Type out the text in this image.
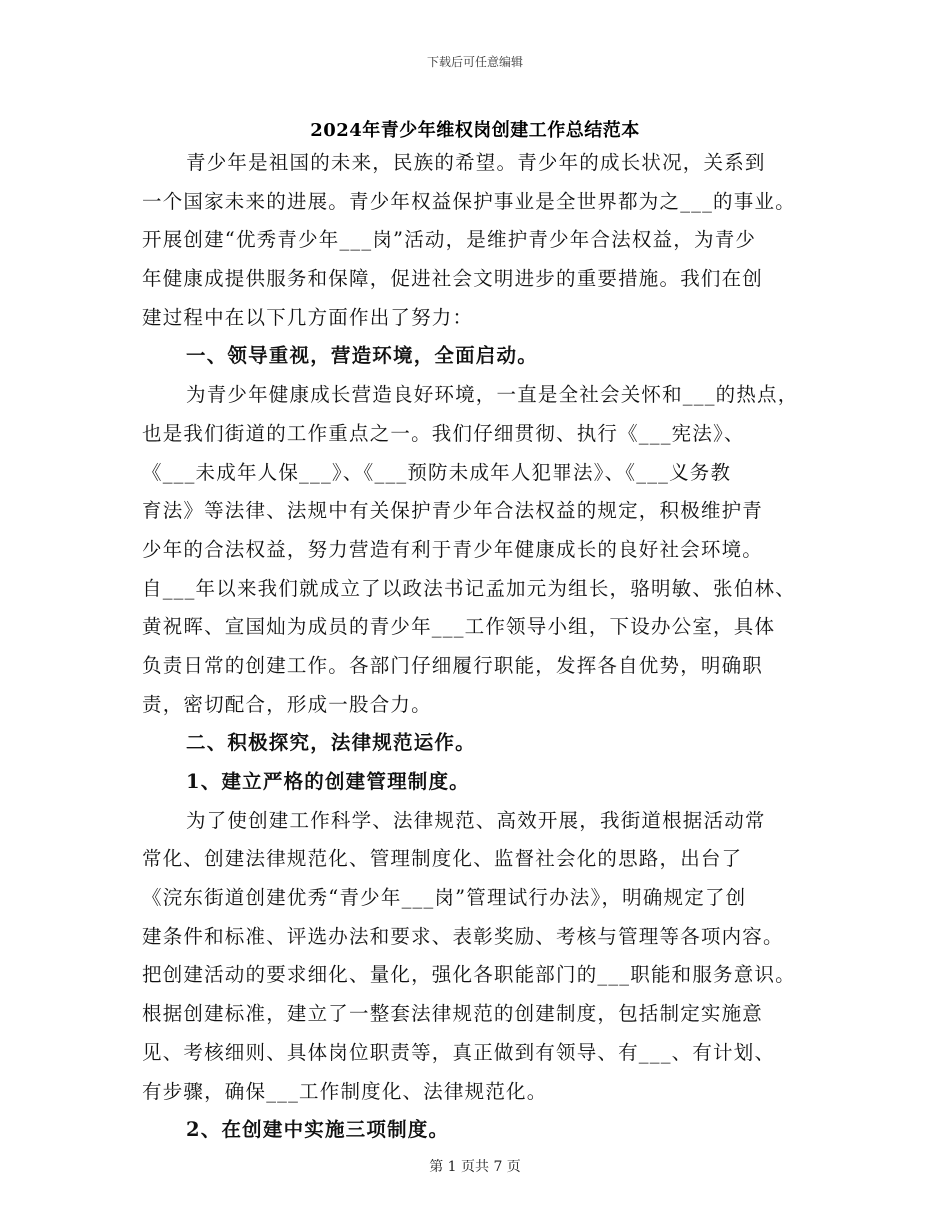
下载后可任意编辑
2024年青少年维权岗创建工作总结范本
青少年是祖国的未来，民族的希望。青少年的成长状况，关系到
一个国家未来的进展。青少年权益保护事业是全世界都为之___的事业。
开展创建“优秀青少年___岗”活动，是维护青少年合法权益，为青少
年健康成提供服务和保障，促进社会文明进步的重要措施。我们在创
建过程中在以下几方面作出了努力：
一、领导重视，营造环境，全面启动。
为青少年健康成长营造良好环境，一直是全社会关怀和___的热点，
也是我们街道的工作重点之一。我们仔细贯彻、执行《___宪法》、
《___未成年人保___》、《___预防未成年人犯罪法》、《___义务教
育法》等法律、法规中有关保护青少年合法权益的规定，积极维护青
少年的合法权益，努力营造有利于青少年健康成长的良好社会环境。
自___年以来我们就成立了以政法书记孟加元为组长，骆明敏、张伯林、
黄祝晖、宣国灿为成员的青少年___工作领导小组，下设办公室，具体
负责日常的创建工作。各部门仔细履行职能，发挥各自优势，明确职
责，密切配合，形成一股合力。
二、积极探究，法律规范运作。
1、建立严格的创建管理制度。
为了使创建工作科学、法律规范、高效开展，我街道根据活动常
常化、创建法律规范化、管理制度化、监督社会化的思路，出台了
《浣东街道创建优秀“青少年___岗”管理试行办法》，明确规定了创
建条件和标准、评选办法和要求、表彰奖励、考核与管理等各项内容。
把创建活动的要求细化、量化，强化各职能部门的___职能和服务意识。
根据创建标准，建立了一整套法律规范的创建制度，包括制定实施意
见、考核细则、具体岗位职责等，真正做到有领导、有___、有计划、
有步骤，确保___工作制度化、法律规范化。
2、在创建中实施三项制度。
第 1 页共 7 页
